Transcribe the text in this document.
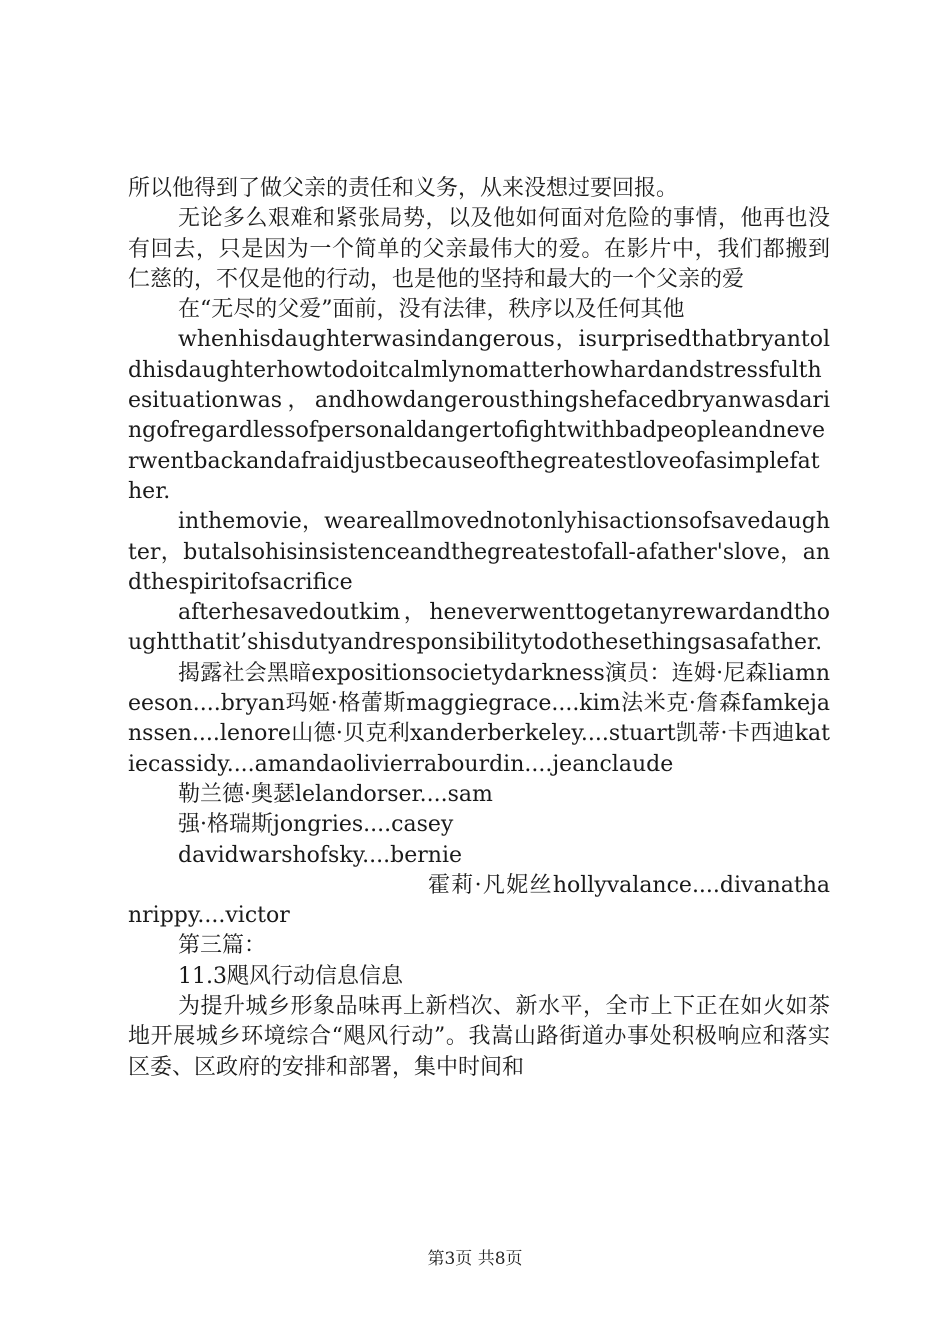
所以他得到了做父亲的责任和义务，从来没想过要回报。

无论多么艰难和紧张局势，以及他如何面对危险的事情，他再也没有回去，只是因为一个简单的父亲最伟大的爱。在影片中，我们都搬到仁慈的，不仅是他的行动，也是他的坚持和最大的一个父亲的爱

在“无尽的父爱”面前，没有法律，秩序以及任何其他

whenhisdaughterwasindangerous，isurprisedthatbryantoldhisdaughterhowtodoitcalmlynomatterhowhardandstressfulthesituationwas，andhowdangerousthingshefacedbryanwasdaringofregardlessofpersonaldangertofightwithbadpeopleandneverwentbackandafraidjustbecauseofthegreatestloveofasimplefather.

inthemovie，weareallmovednotonlyhisactionsofsavedaughter，butalsohisinsistenceandthegreatestofall-afather'slove，andthespiritofsacrifice

afterhesavedoutkim，heneverwenttogetanyrewardandthoughtthatit’shisdutyandresponsibilitytodothesethingsasafather.

揭露社会黑暗expositionsocietydarkness演员：连姆·尼森liamneeson....bryan玛姬·格蕾斯maggiegrace....kim法米克·詹森famkejanssen....lenore山德·贝克利xanderberkeley....stuart凯蒂·卡西迪katiecassidy....amandaolivierrabourdin....jeanclaude

勒兰德·奥瑟lelandorser....sam

强·格瑞斯jongries....casey

davidwarshofsky....bernie

霍莉·凡妮丝hollyvalance....divanathanrippy....victor

第三篇：

11.3飓风行动信息信息

为提升城乡形象品味再上新档次、新水平，全市上下正在如火如茶地开展城乡环境综合“飓风行动”。我嵩山路街道办事处积极响应和落实区委、区政府的安排和部署，集中时间和

第3页 共8页
